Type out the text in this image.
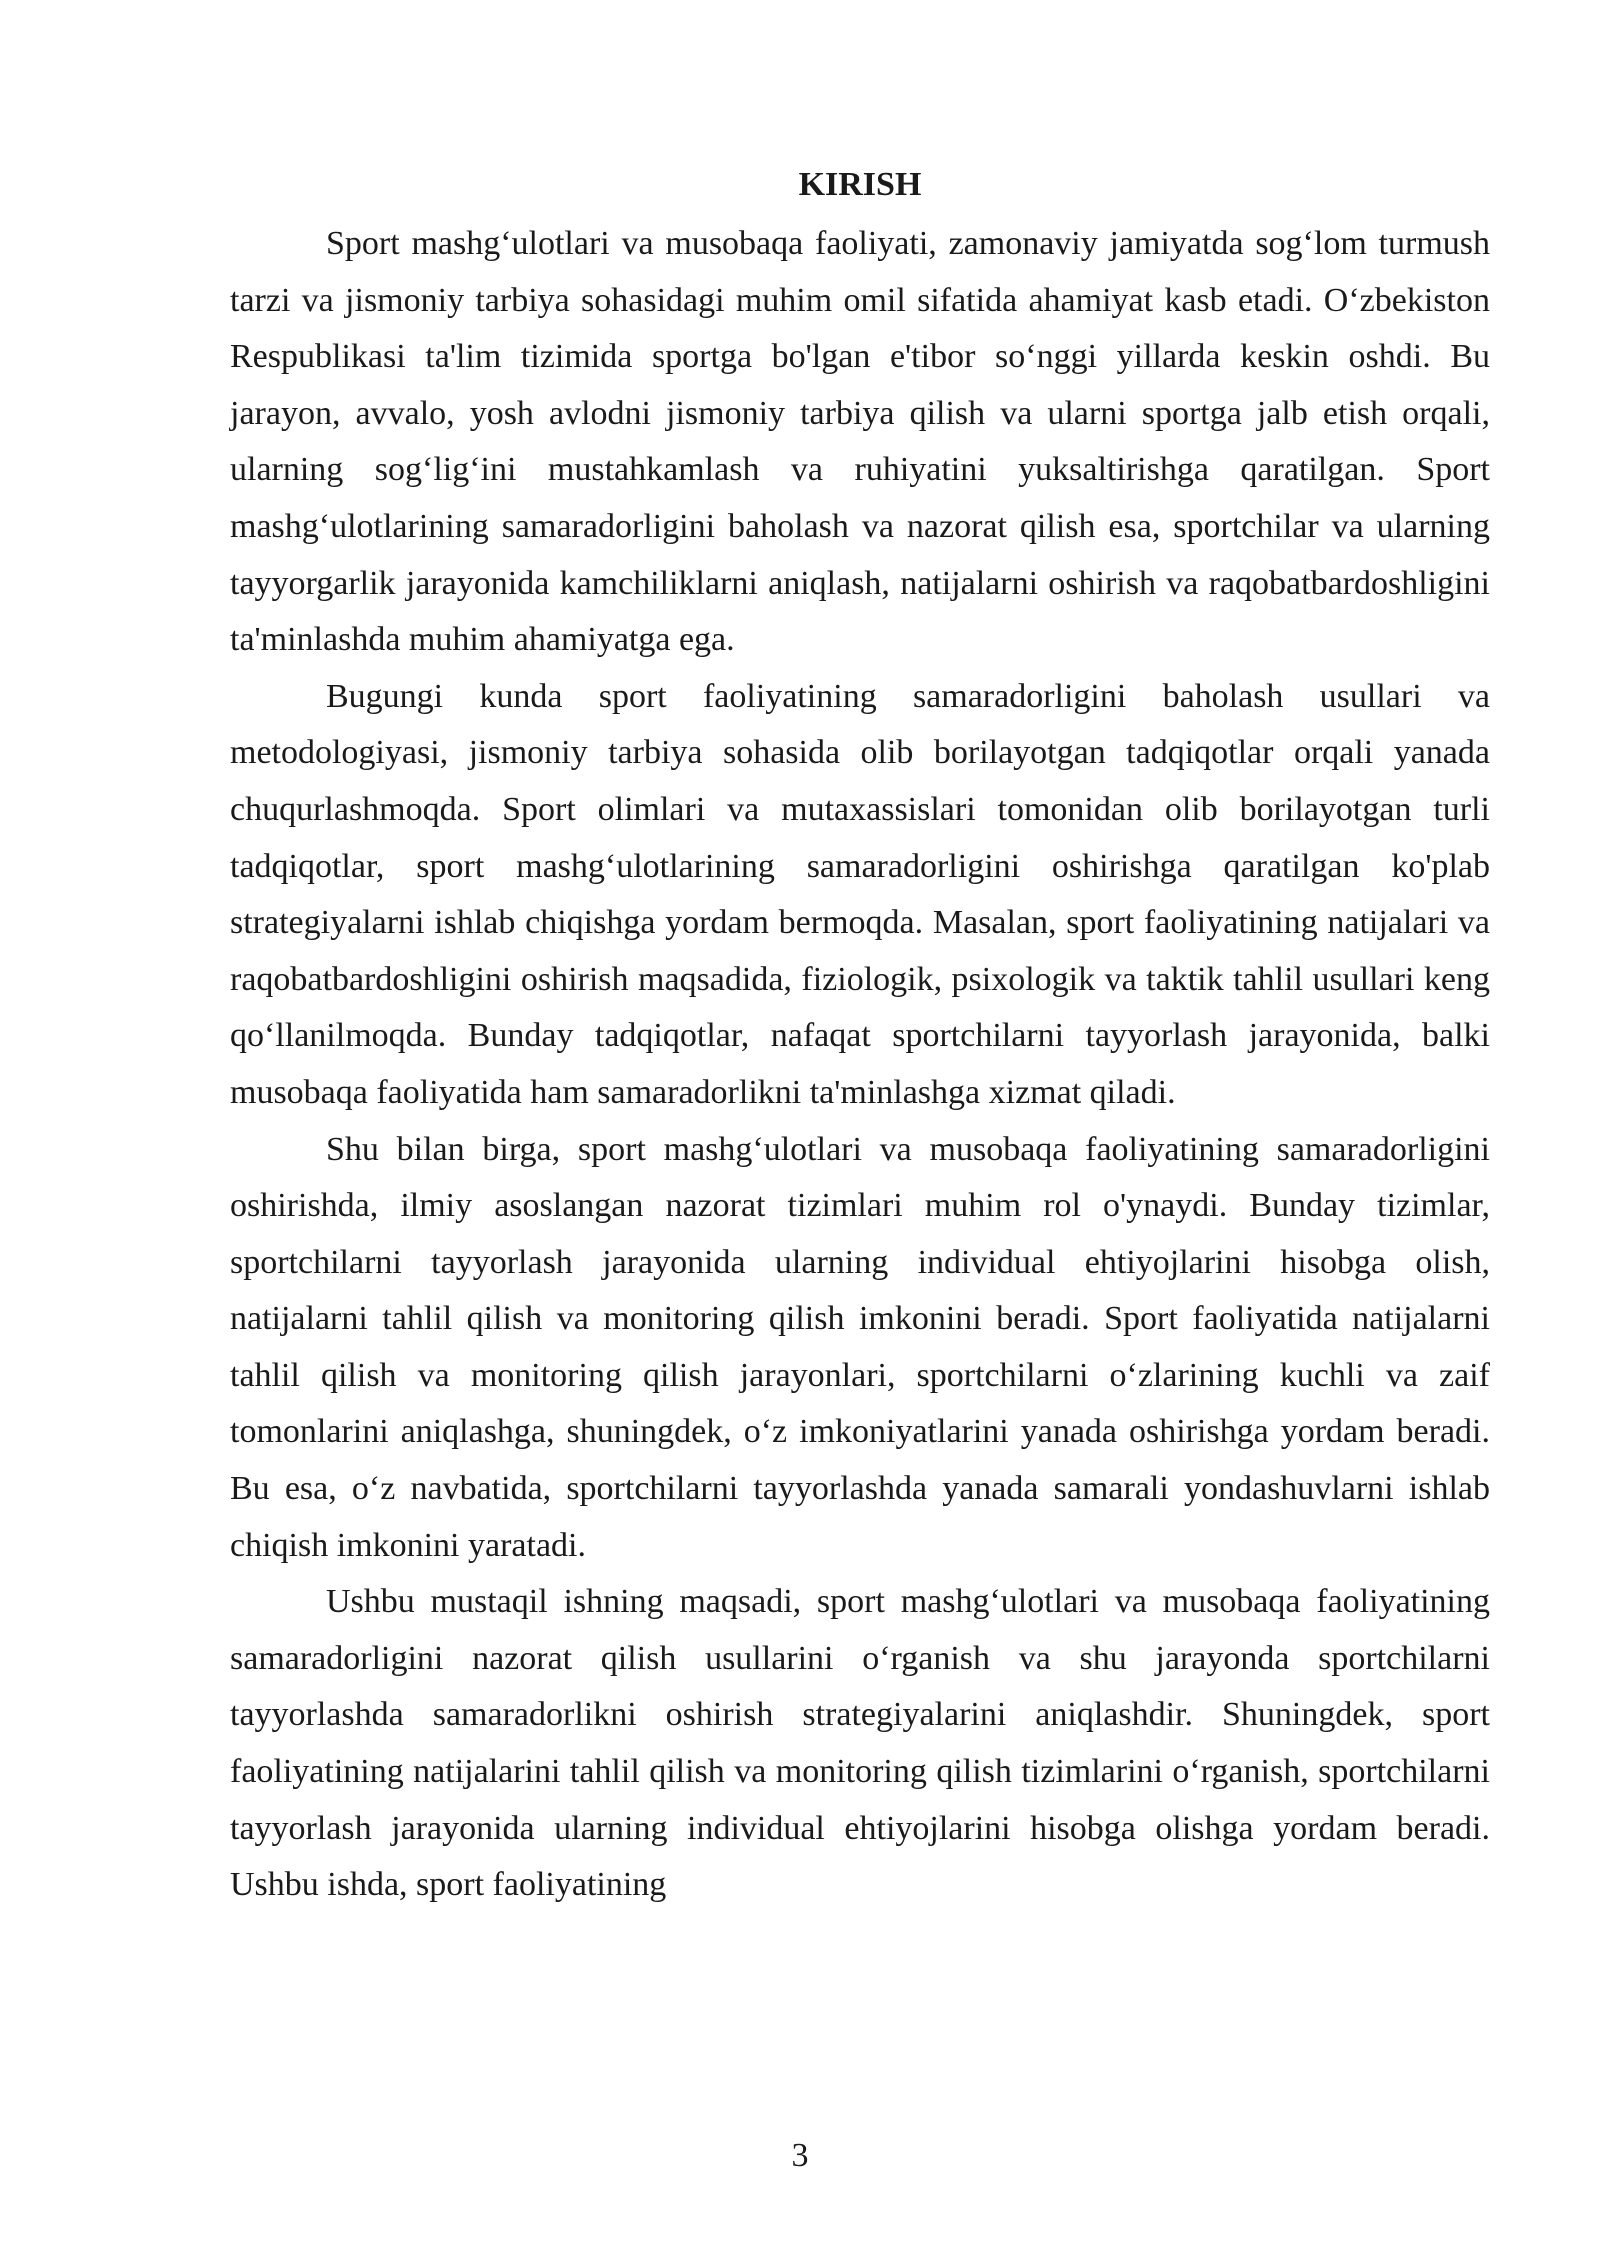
KIRISH

Sport mashg‘ulotlari va musobaqa faoliyati, zamonaviy jamiyatda sog‘lom turmush tarzi va jismoniy tarbiya sohasidagi muhim omil sifatida ahamiyat kasb etadi. O‘zbekiston Respublikasi ta'lim tizimida sportga bo'lgan e'tibor so‘nggi yillarda keskin oshdi. Bu jarayon, avvalo, yosh avlodni jismoniy tarbiya qilish va ularni sportga jalb etish orqali, ularning sog‘lig‘ini mustahkamlash va ruhiyatini yuksaltirishga qaratilgan. Sport mashg‘ulotlarining samaradorligini baholash va nazorat qilish esa, sportchilar va ularning tayyorgarlik jarayonida kamchiliklarni aniqlash, natijalarni oshirish va raqobatbardoshligini ta'minlashda muhim ahamiyatga ega.

Bugungi kunda sport faoliyatining samaradorligini baholash usullari va metodologiyasi, jismoniy tarbiya sohasida olib borilayotgan tadqiqotlar orqali yanada chuqurlashmoqda. Sport olimlari va mutaxassislari tomonidan olib borilayotgan turli tadqiqotlar, sport mashg‘ulotlarining samaradorligini oshirishga qaratilgan ko'plab strategiyalarni ishlab chiqishga yordam bermoqda. Masalan, sport faoliyatining natijalari va raqobatbardoshligini oshirish maqsadida, fiziologik, psixologik va taktik tahlil usullari keng qo‘llanilmoqda. Bunday tadqiqotlar, nafaqat sportchilarni tayyorlash jarayonida, balki musobaqa faoliyatida ham samaradorlikni ta'minlashga xizmat qiladi.

Shu bilan birga, sport mashg‘ulotlari va musobaqa faoliyatining samaradorligini oshirishda, ilmiy asoslangan nazorat tizimlari muhim rol o'ynaydi. Bunday tizimlar, sportchilarni tayyorlash jarayonida ularning individual ehtiyojlarini hisobga olish, natijalarni tahlil qilish va monitoring qilish imkonini beradi. Sport faoliyatida natijalarni tahlil qilish va monitoring qilish jarayonlari, sportchilarni o‘zlarining kuchli va zaif tomonlarini aniqlashga, shuningdek, o‘z imkoniyatlarini yanada oshirishga yordam beradi. Bu esa, o‘z navbatida, sportchilarni tayyorlashda yanada samarali yondashuvlarni ishlab chiqish imkonini yaratadi.

Ushbu mustaqil ishning maqsadi, sport mashg‘ulotlari va musobaqa faoliyatining samaradorligini nazorat qilish usullarini o‘rganish va shu jarayonda sportchilarni tayyorlashda samaradorlikni oshirish strategiyalarini aniqlashdir. Shuningdek, sport faoliyatining natijalarini tahlil qilish va monitoring qilish tizimlarini o‘rganish, sportchilarni tayyorlash jarayonida ularning individual ehtiyojlarini hisobga olishga yordam beradi. Ushbu ishda, sport faoliyatining

3
